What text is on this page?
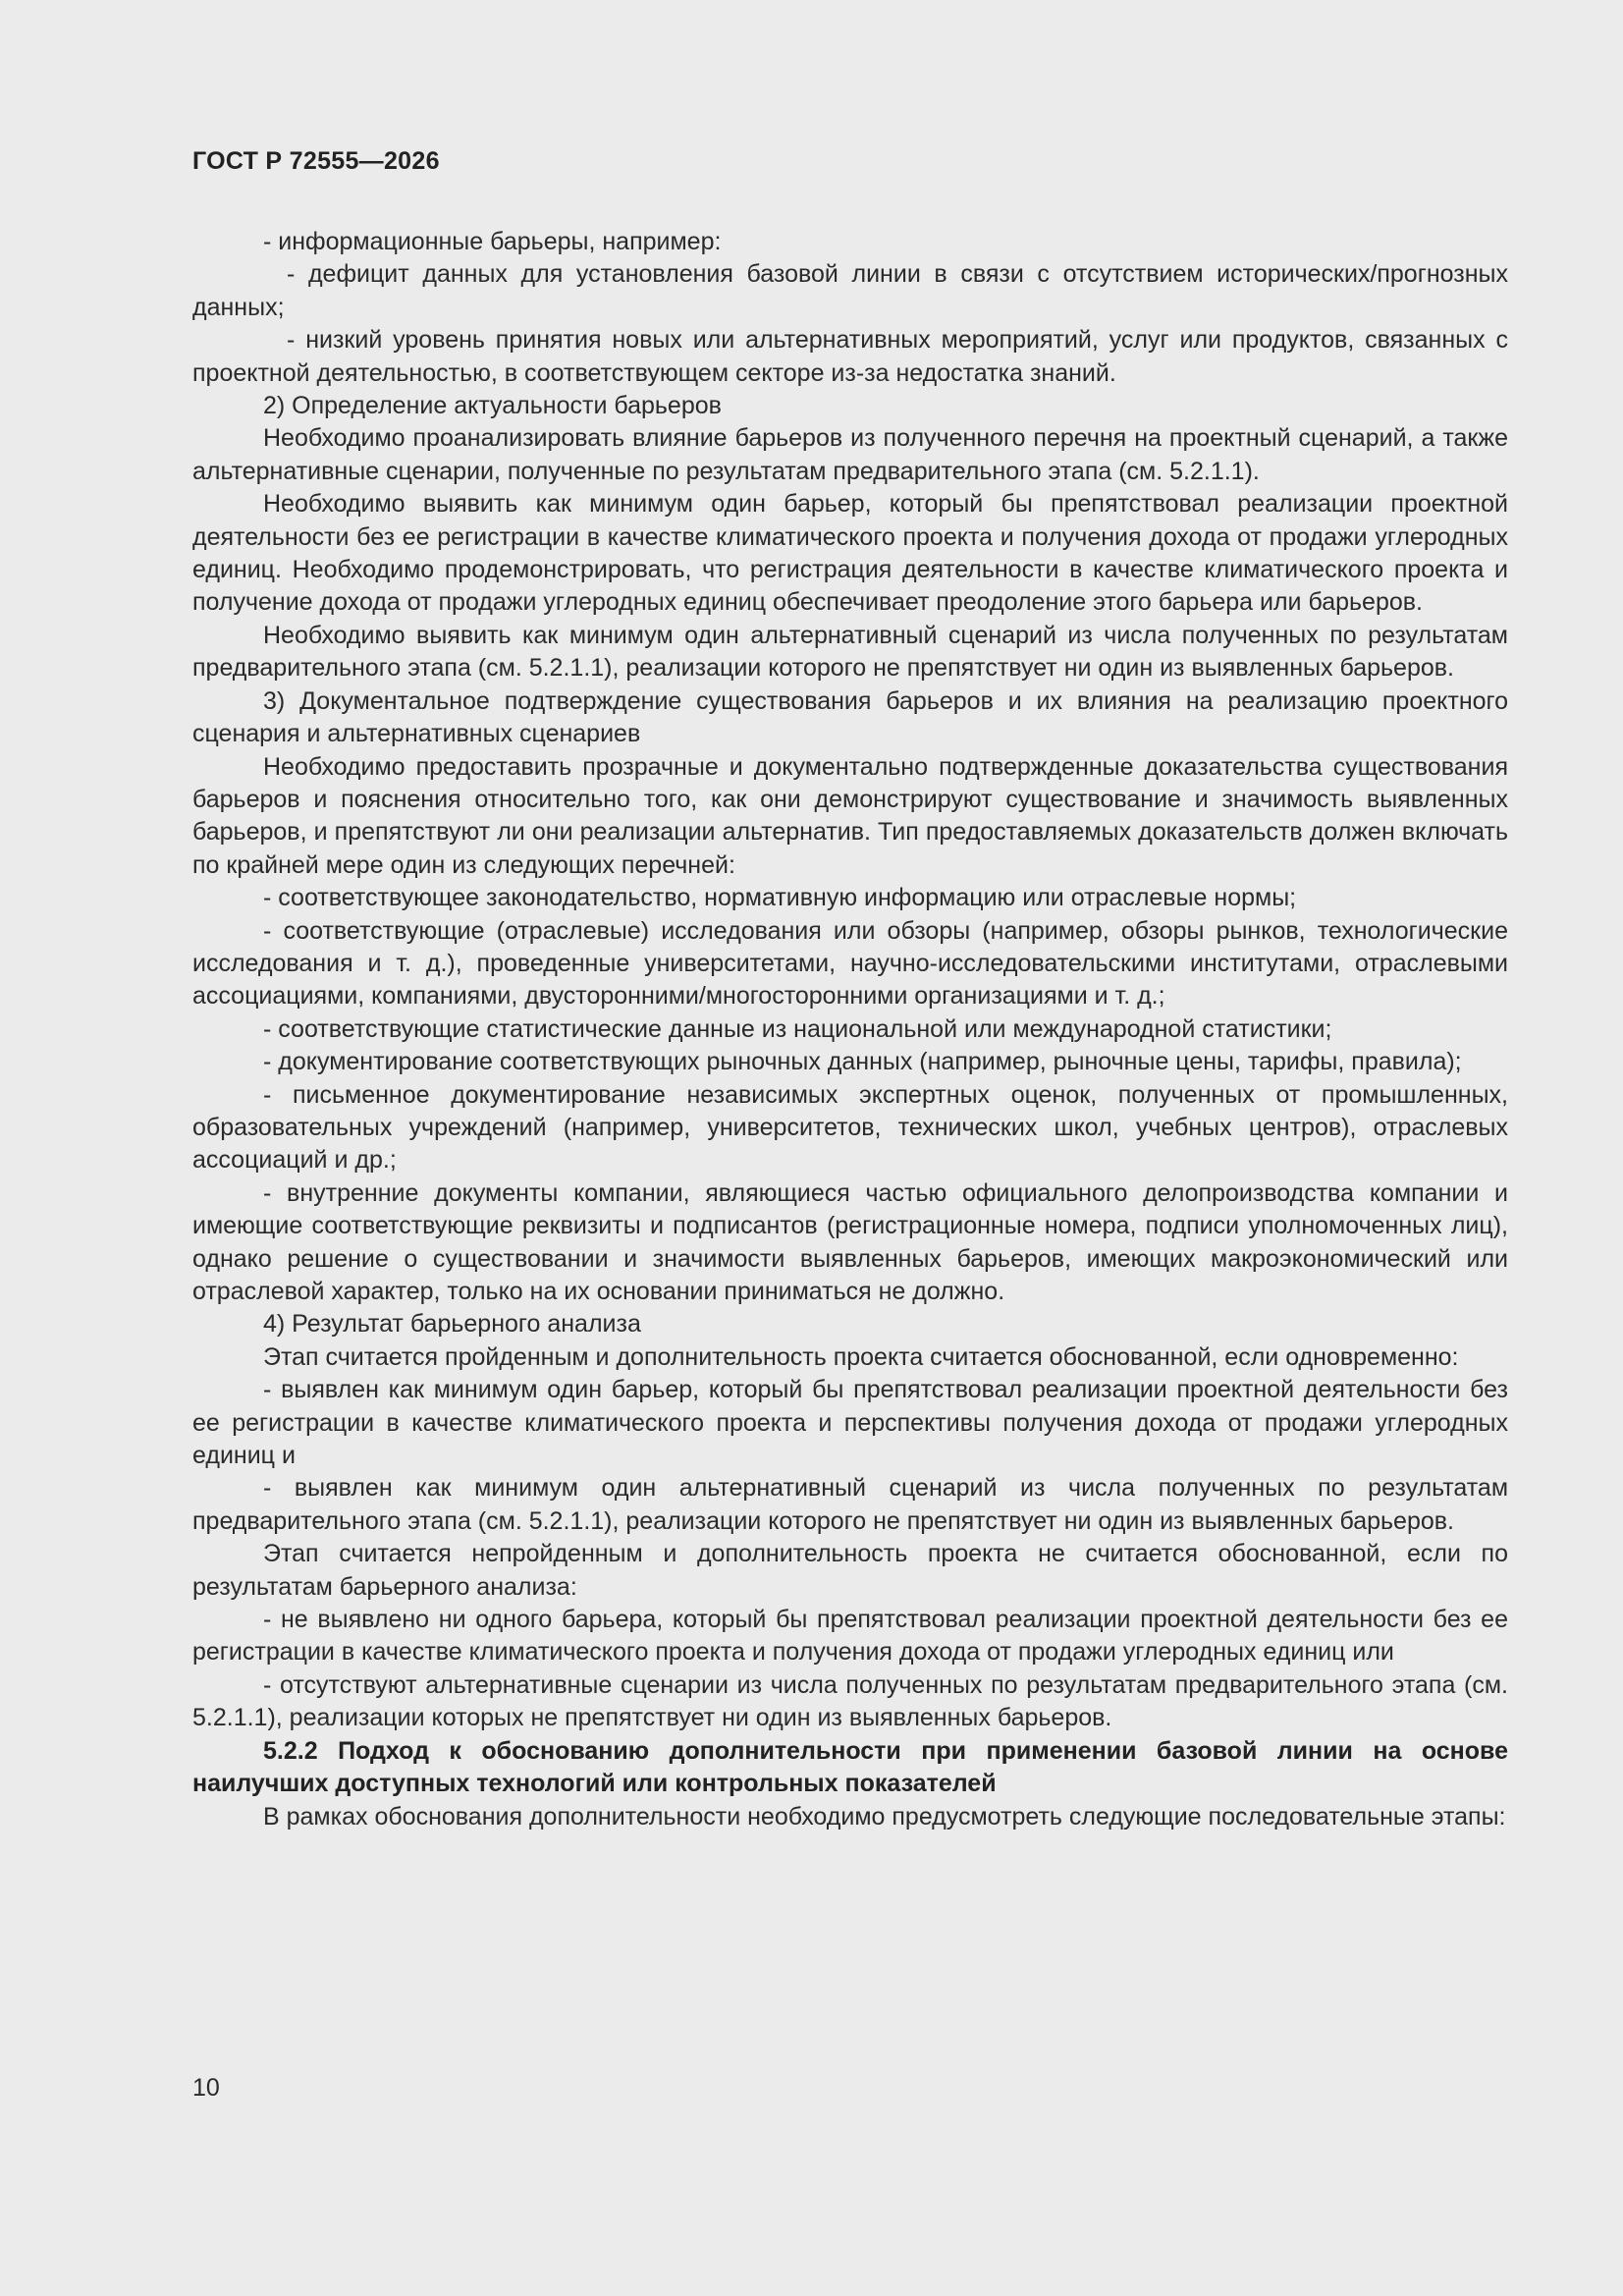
ГОСТ Р 72555—2026

- информационные барьеры, например:

- дефицит данных для установления базовой линии в связи с отсутствием исторических/прогнозных данных;

- низкий уровень принятия новых или альтернативных мероприятий, услуг или продуктов, связанных с проектной деятельностью, в соответствующем секторе из-за недостатка знаний.

2) Определение актуальности барьеров

Необходимо проанализировать влияние барьеров из полученного перечня на проектный сценарий, а также альтернативные сценарии, полученные по результатам предварительного этапа (см. 5.2.1.1).

Необходимо выявить как минимум один барьер, который бы препятствовал реализации проектной деятельности без ее регистрации в качестве климатического проекта и получения дохода от продажи углеродных единиц. Необходимо продемонстрировать, что регистрация деятельности в качестве климатического проекта и получение дохода от продажи углеродных единиц обеспечивает преодоление этого барьера или барьеров.

Необходимо выявить как минимум один альтернативный сценарий из числа полученных по результатам предварительного этапа (см. 5.2.1.1), реализации которого не препятствует ни один из выявленных барьеров.

3) Документальное подтверждение существования барьеров и их влияния на реализацию проектного сценария и альтернативных сценариев

Необходимо предоставить прозрачные и документально подтвержденные доказательства существования барьеров и пояснения относительно того, как они демонстрируют существование и значимость выявленных барьеров, и препятствуют ли они реализации альтернатив. Тип предоставляемых доказательств должен включать по крайней мере один из следующих перечней:

- соответствующее законодательство, нормативную информацию или отраслевые нормы;

- соответствующие (отраслевые) исследования или обзоры (например, обзоры рынков, технологические исследования и т. д.), проведенные университетами, научно-исследовательскими институтами, отраслевыми ассоциациями, компаниями, двусторонними/многосторонними организациями и т. д.;

- соответствующие статистические данные из национальной или международной статистики;

- документирование соответствующих рыночных данных (например, рыночные цены, тарифы, правила);

- письменное документирование независимых экспертных оценок, полученных от промышленных, образовательных учреждений (например, университетов, технических школ, учебных центров), отраслевых ассоциаций и др.;

- внутренние документы компании, являющиеся частью официального делопроизводства компании и имеющие соответствующие реквизиты и подписантов (регистрационные номера, подписи уполномоченных лиц), однако решение о существовании и значимости выявленных барьеров, имеющих макроэкономический или отраслевой характер, только на их основании приниматься не должно.

4) Результат барьерного анализа

Этап считается пройденным и дополнительность проекта считается обоснованной, если одновременно:

- выявлен как минимум один барьер, который бы препятствовал реализации проектной деятельности без ее регистрации в качестве климатического проекта и перспективы получения дохода от продажи углеродных единиц и

- выявлен как минимум один альтернативный сценарий из числа полученных по результатам предварительного этапа (см. 5.2.1.1), реализации которого не препятствует ни один из выявленных барьеров.

Этап считается непройденным и дополнительность проекта не считается обоснованной, если по результатам барьерного анализа:

- не выявлено ни одного барьера, который бы препятствовал реализации проектной деятельности без ее регистрации в качестве климатического проекта и получения дохода от продажи углеродных единиц или

- отсутствуют альтернативные сценарии из числа полученных по результатам предварительного этапа (см. 5.2.1.1), реализации которых не препятствует ни один из выявленных барьеров.

5.2.2 Подход к обоснованию дополнительности при применении базовой линии на основе наилучших доступных технологий или контрольных показателей

В рамках обоснования дополнительности необходимо предусмотреть следующие последовательные этапы:

10
